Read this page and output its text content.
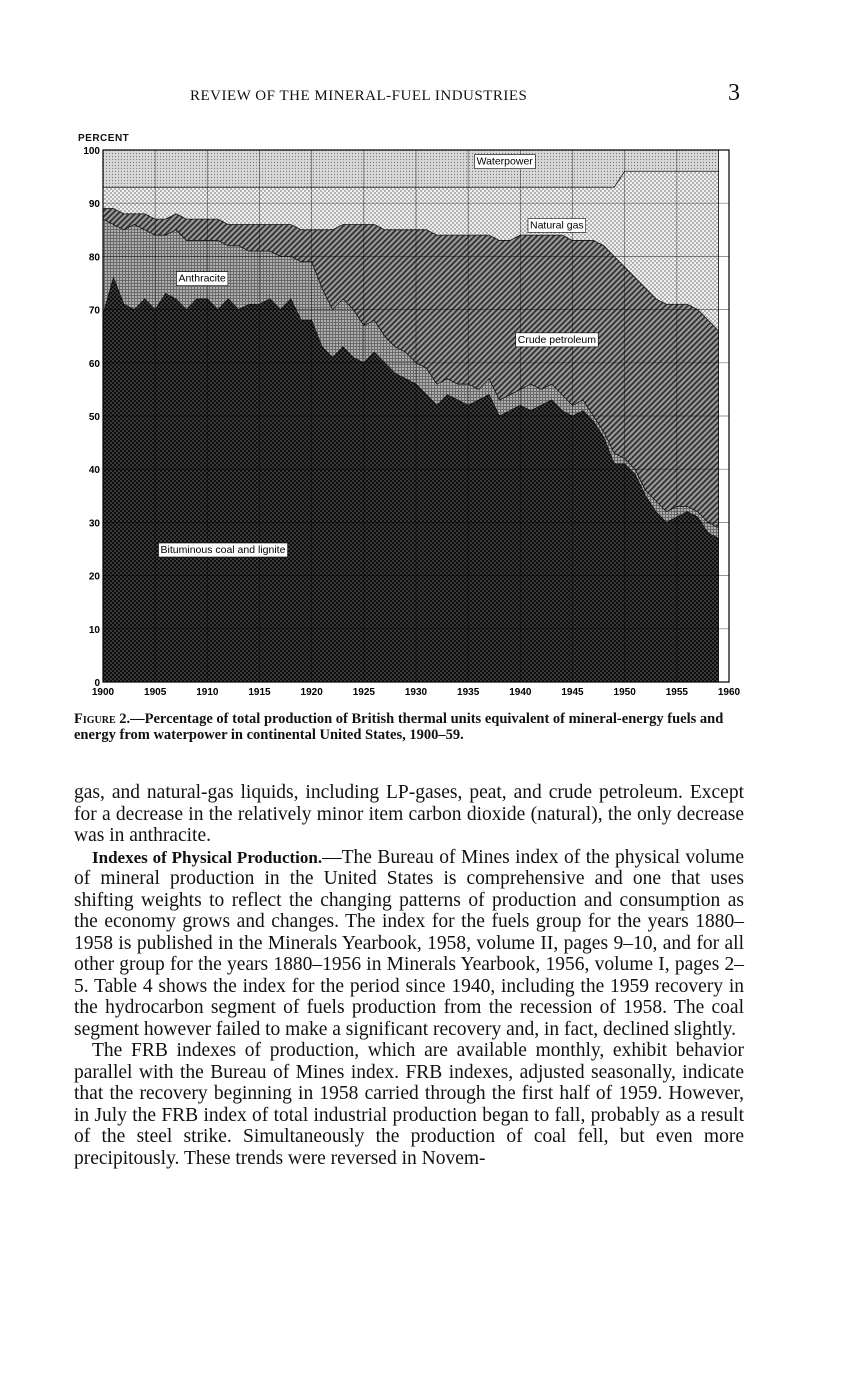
REVIEW OF THE MINERAL-FUEL INDUSTRIES	3
PERCENT
0
10
20
30
40
50
60
70
80
90
100
1900	1905	1910	1915	1920	1925	1930	1935	1940	1945	1950	1955	1960
Bituminous coal and lignite
Anthracite
Crude petroleum
Natural gas
Waterpower

Figure 2.—Percentage of total production of British thermal units equivalent of mineral-energy fuels and energy from waterpower in continental United States, 1900–59.

gas, and natural-gas liquids, including LP-gases, peat, and crude petroleum. Except for a decrease in the relatively minor item carbon dioxide (natural), the only decrease was in anthracite.

Indexes of Physical Production.—The Bureau of Mines index of the physical volume of mineral production in the United States is comprehensive and one that uses shifting weights to reflect the changing patterns of production and consumption as the economy grows and changes. The index for the fuels group for the years 1880–1958 is published in the Minerals Yearbook, 1958, volume II, pages 9–10, and for all other group for the years 1880–1956 in Minerals Yearbook, 1956, volume I, pages 2–5. Table 4 shows the index for the period since 1940, including the 1959 recovery in the hydrocarbon segment of fuels production from the recession of 1958. The coal segment however failed to make a significant recovery and, in fact, declined slightly.

The FRB indexes of production, which are available monthly, exhibit behavior parallel with the Bureau of Mines index. FRB indexes, adjusted seasonally, indicate that the recovery beginning in 1958 carried through the first half of 1959. However, in July the FRB index of total industrial production began to fall, probably as a result of the steel strike. Simultaneously the production of coal fell, but even more precipitously. These trends were reversed in Novem-
